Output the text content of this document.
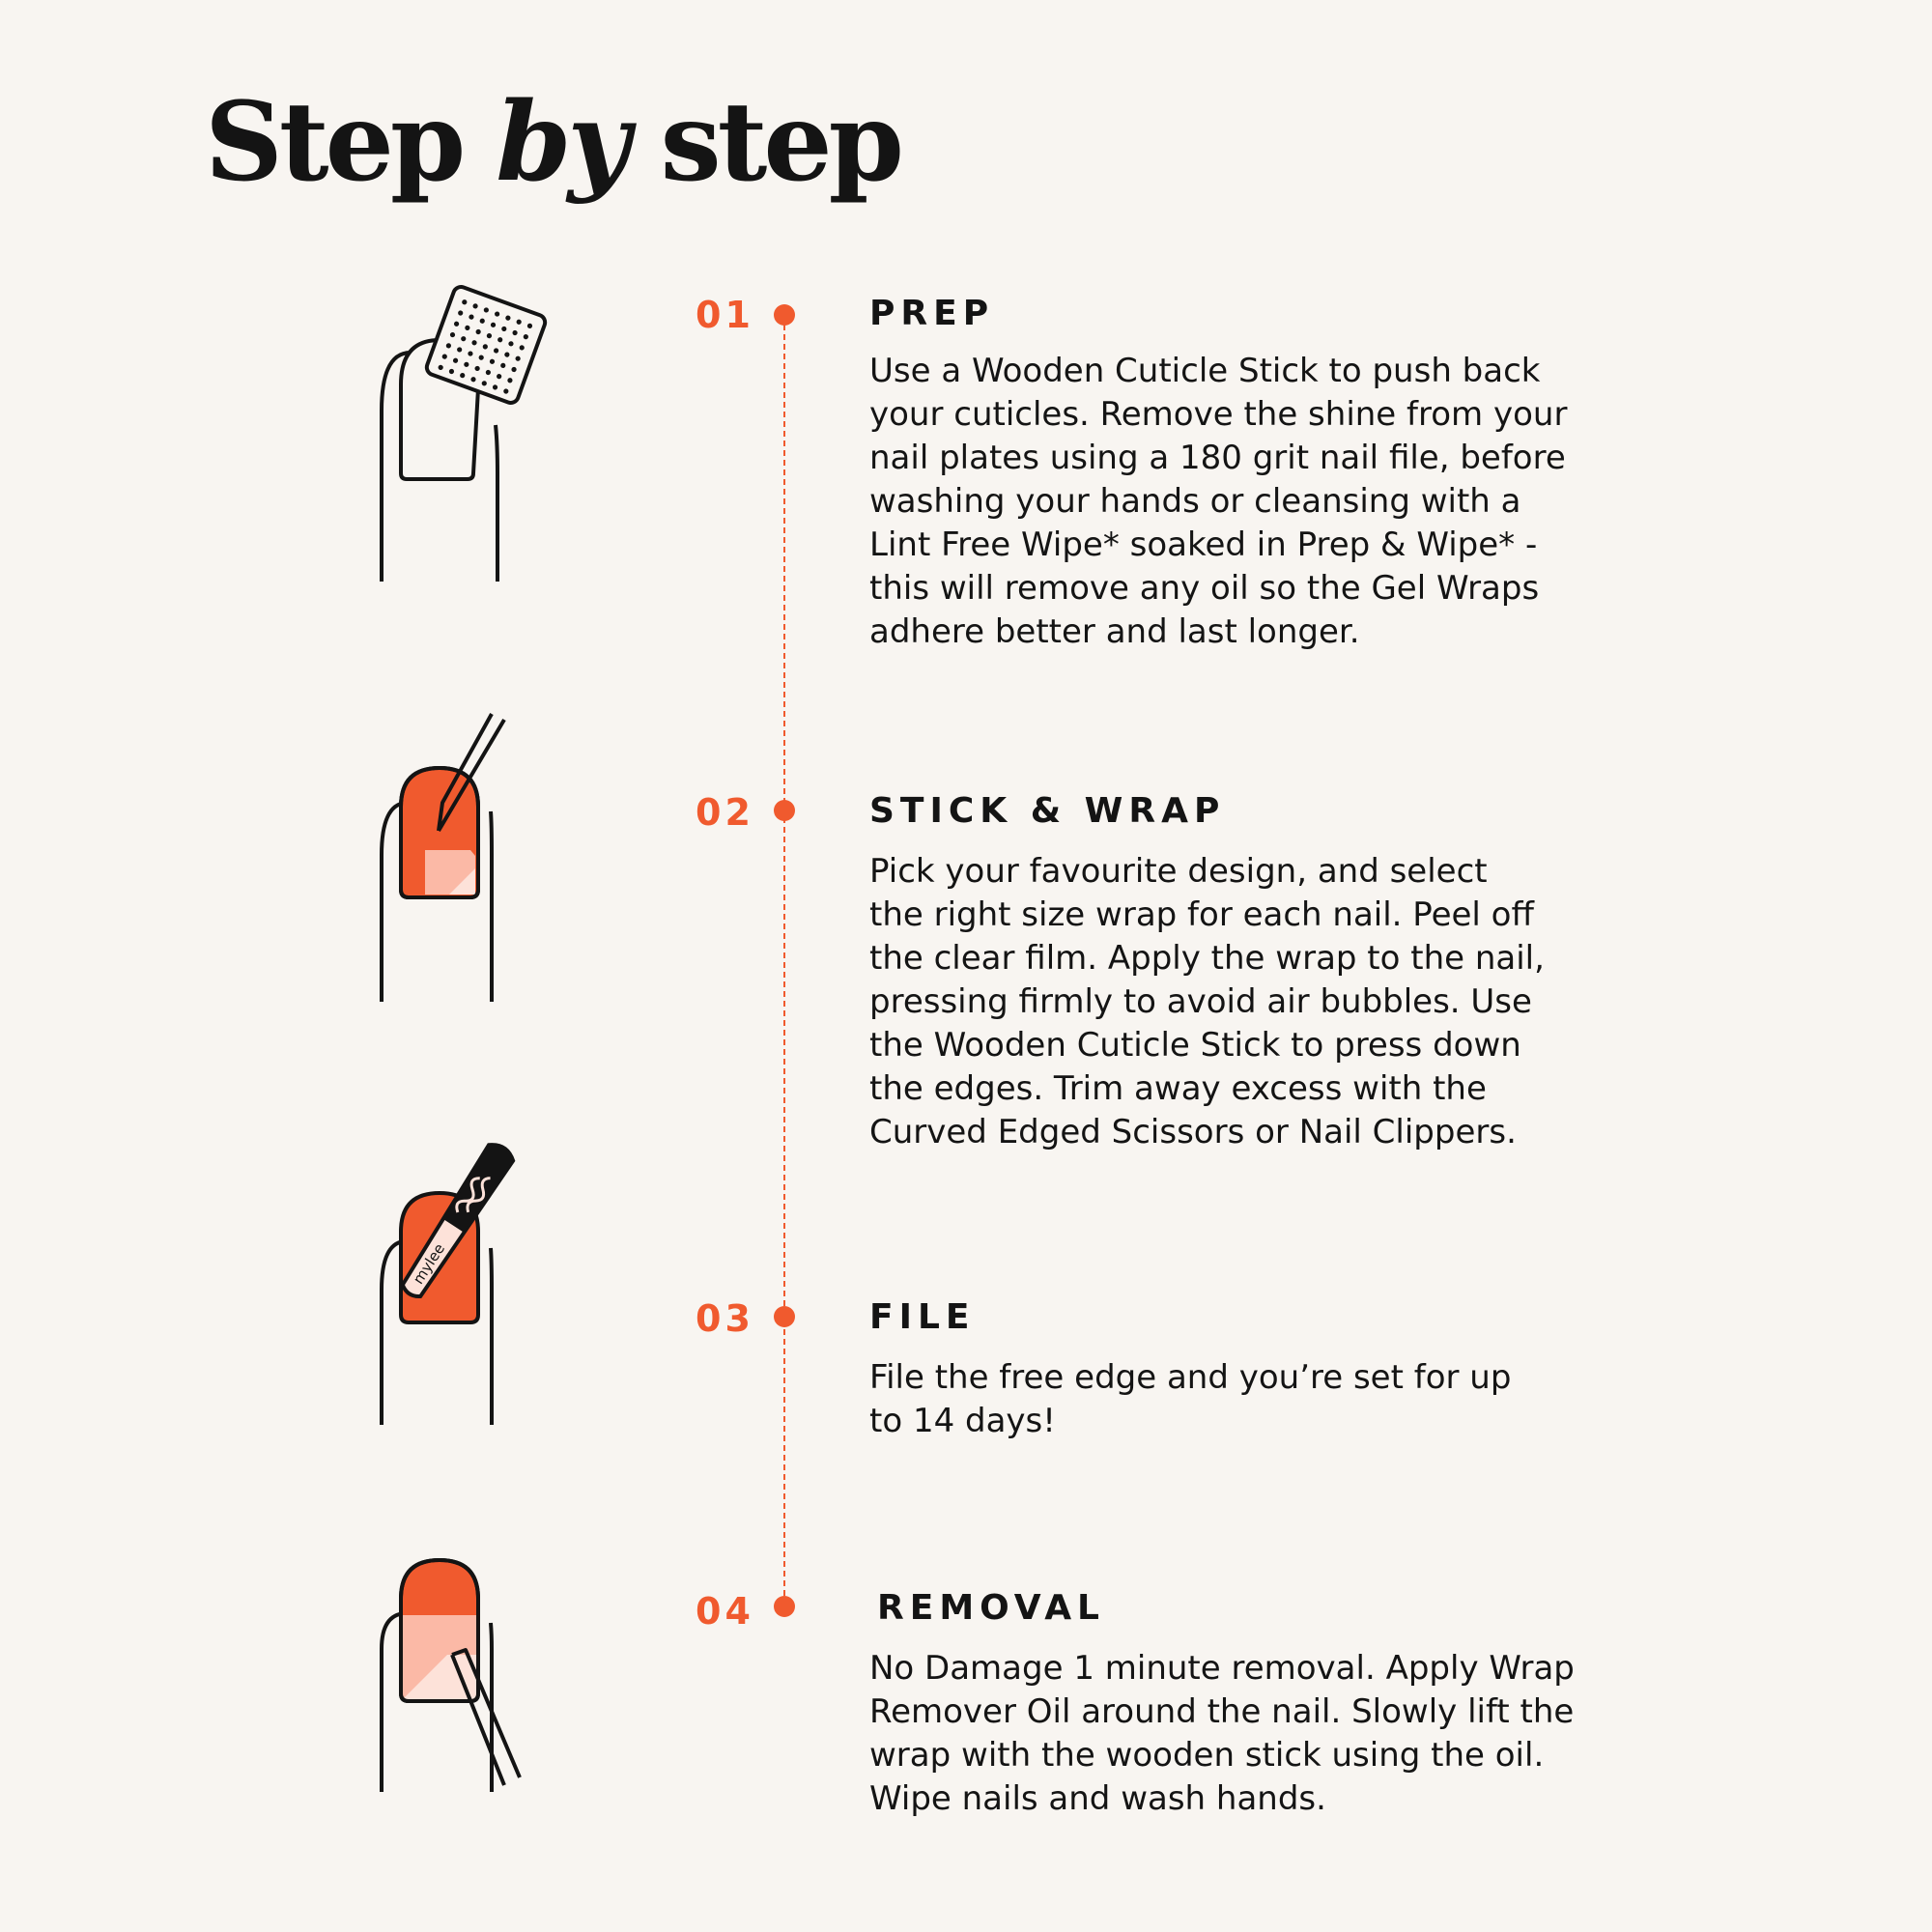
Step by step
01	PREP

Use a Wooden Cuticle Stick to push back
your cuticles. Remove the shine from your
nail plates using a 180 grit nail file, before
washing your hands or cleansing with a
Lint Free Wipe* soaked in Prep & Wipe* -
this will remove any oil so the Gel Wraps
adhere better and last longer.

02	STICK & WRAP

Pick your favourite design, and select
the right size wrap for each nail. Peel off
the clear film. Apply the wrap to the nail,
pressing firmly to avoid air bubbles. Use
the Wooden Cuticle Stick to press down
the edges. Trim away excess with the
Curved Edged Scissors or Nail Clippers.

mylee
03	FILE

File the free edge and you’re set for up
to 14 days!

04	REMOVAL

No Damage 1 minute removal. Apply Wrap
Remover Oil around the nail. Slowly lift the
wrap with the wooden stick using the oil.
Wipe nails and wash hands.
